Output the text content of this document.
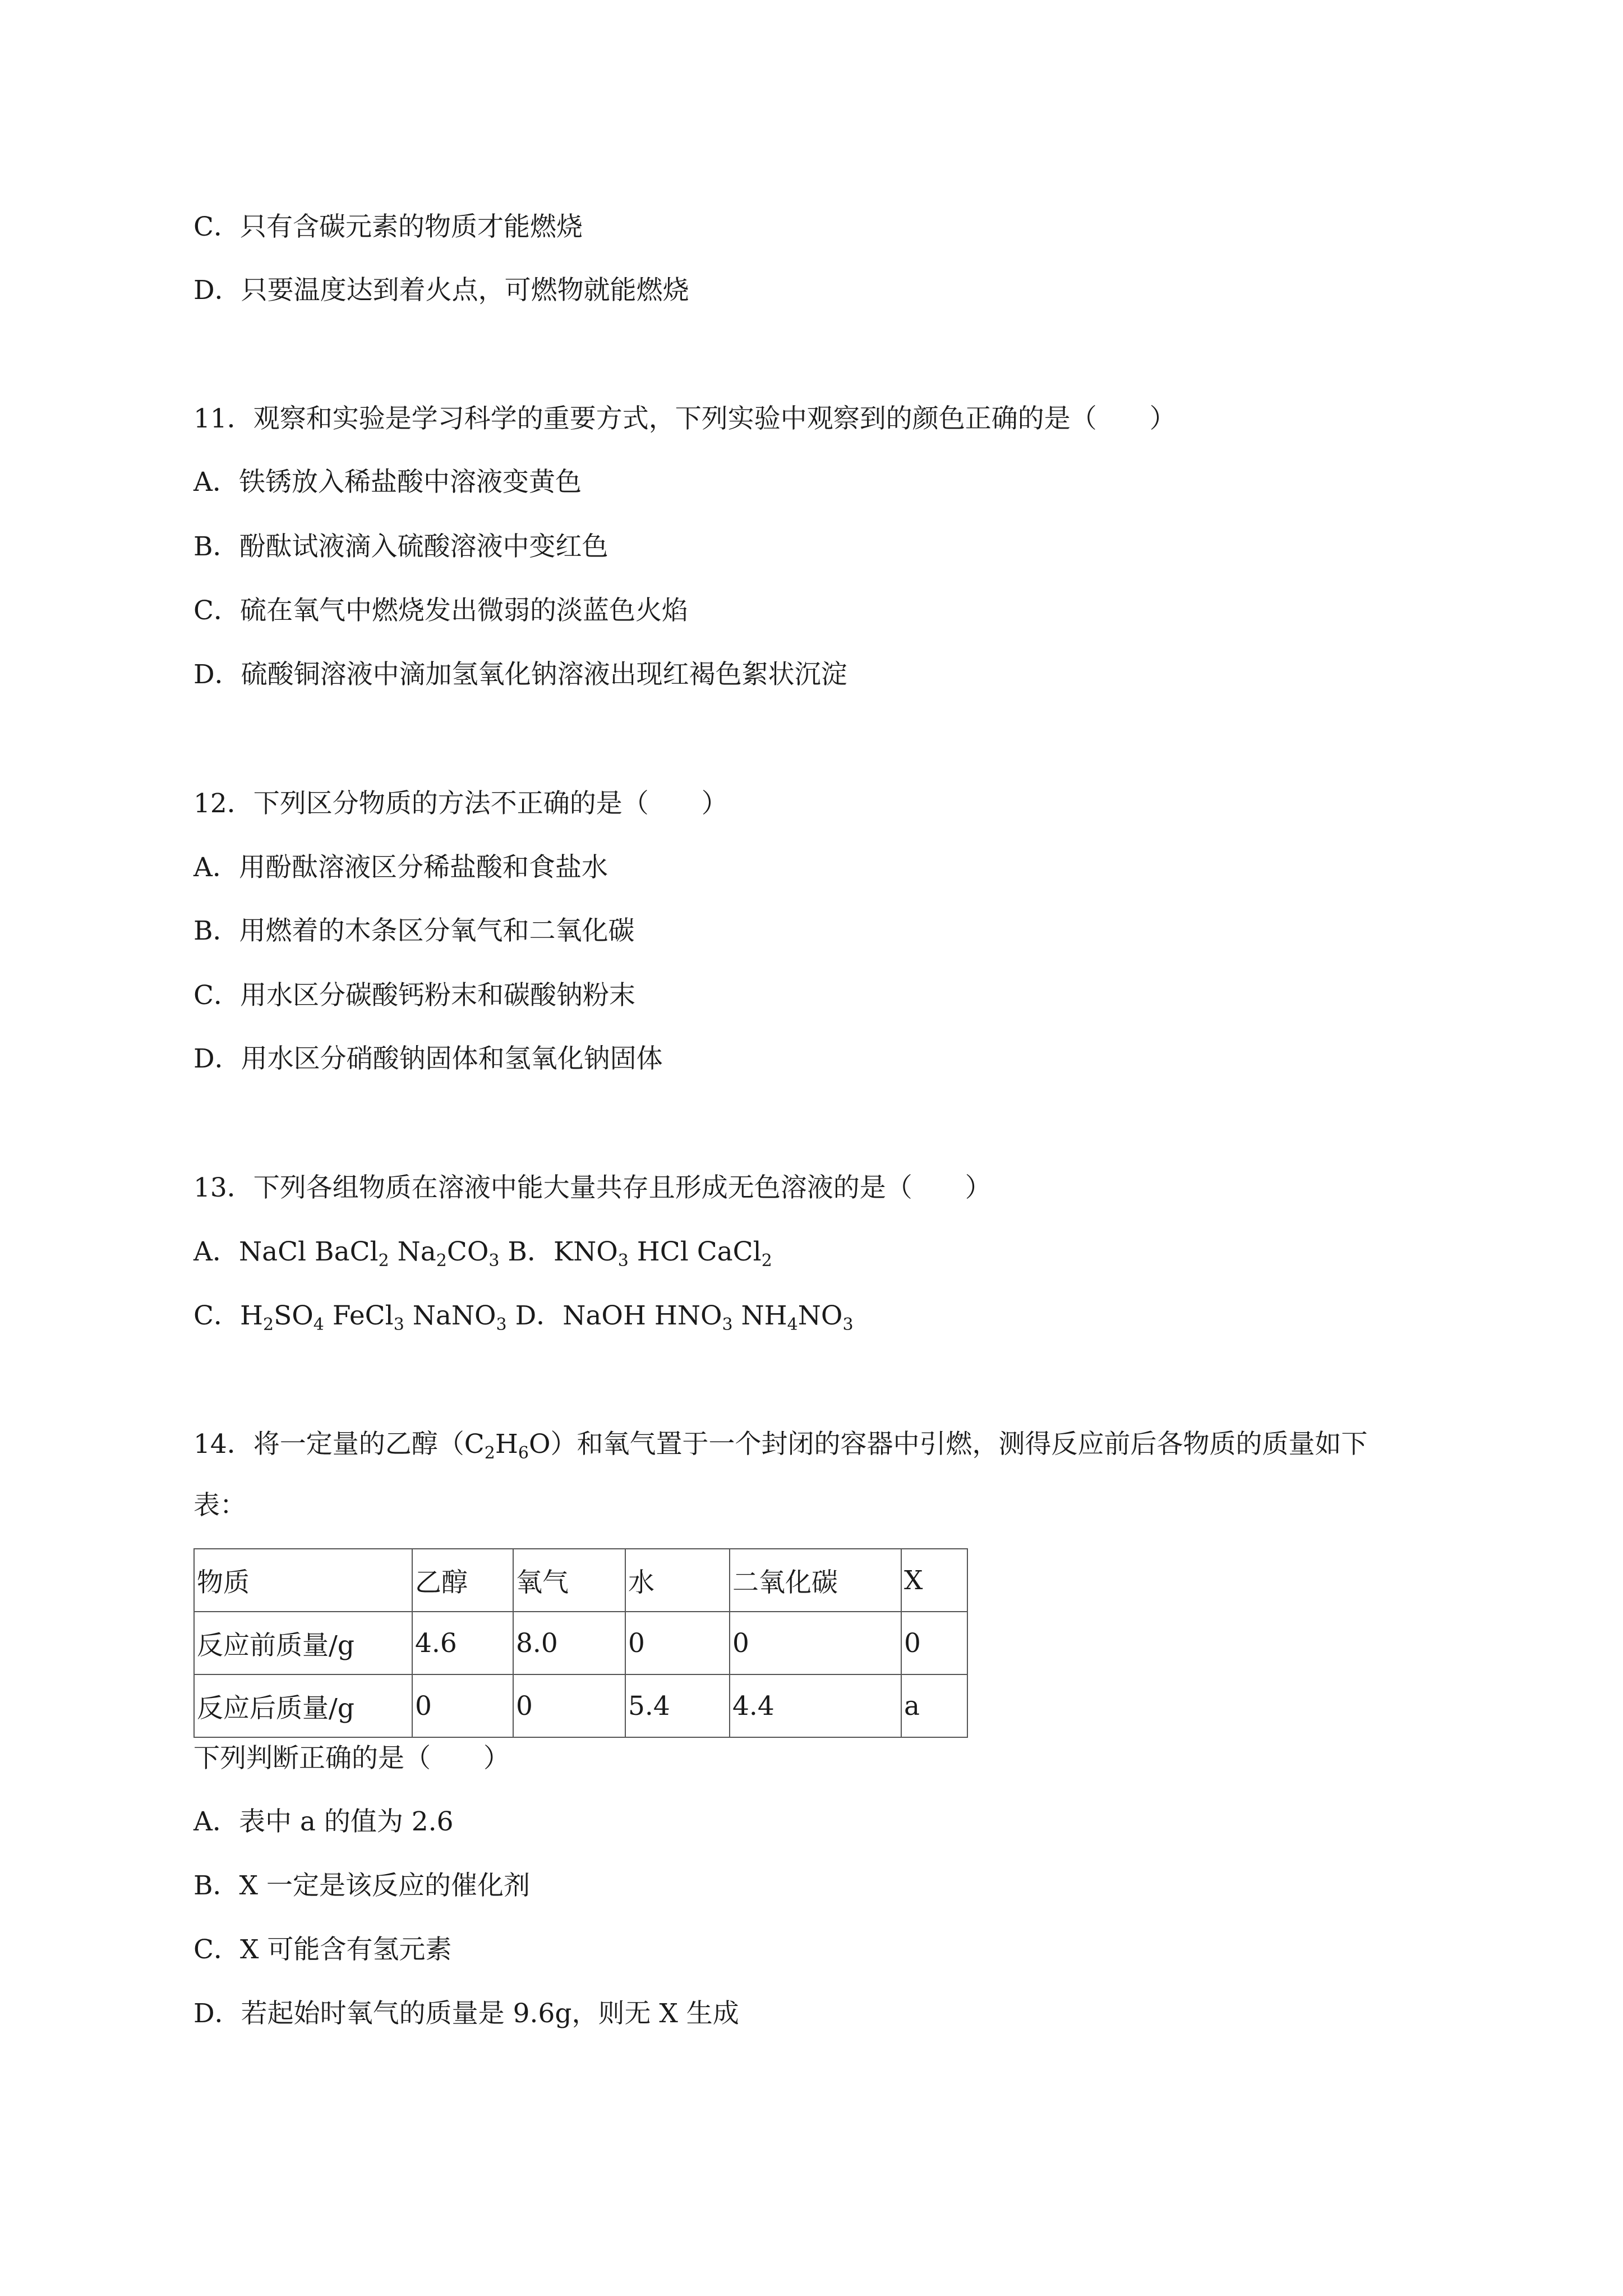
C．只有含碳元素的物质才能燃烧
D．只要温度达到着火点，可燃物就能燃烧
11．观察和实验是学习科学的重要方式，下列实验中观察到的颜色正确的是（　　）
A．铁锈放入稀盐酸中溶液变黄色
B．酚酞试液滴入硫酸溶液中变红色
C．硫在氧气中燃烧发出微弱的淡蓝色火焰
D．硫酸铜溶液中滴加氢氧化钠溶液出现红褐色絮状沉淀
12．下列区分物质的方法不正确的是（　　）
A．用酚酞溶液区分稀盐酸和食盐水
B．用燃着的木条区分氧气和二氧化碳
C．用水区分碳酸钙粉末和碳酸钠粉末
D．用水区分硝酸钠固体和氢氧化钠固体
13．下列各组物质在溶液中能大量共存且形成无色溶液的是（　　）
A．NaCl BaCl$_2$ $Na_2CO_3$ B．$KNO_3$ HCl CaCl$_2$
C．$H_2SO_4$ FeCl$_3$ NaNO$_3$ D．NaOH $HNO_3$ $NH_4NO_3$
14．将一定量的乙醇$(C_2H_6O)$和氧气置于一个封闭的容器中引燃，测得反应前后各物质的质量如下
表：
物质	乙醇	氧气	水	二氧化碳	X
反应前质量/g	4.6	8.0	0	0	0
反应后质量/g	0	0	5.4	4.4	a
下列判断正确的是（　　）
A．表中 a 的值为 2.6
B．X 一定是该反应的催化剂
C．X 可能含有氢元素
D．若起始时氧气的质量是 9.6g，则无 X 生成
